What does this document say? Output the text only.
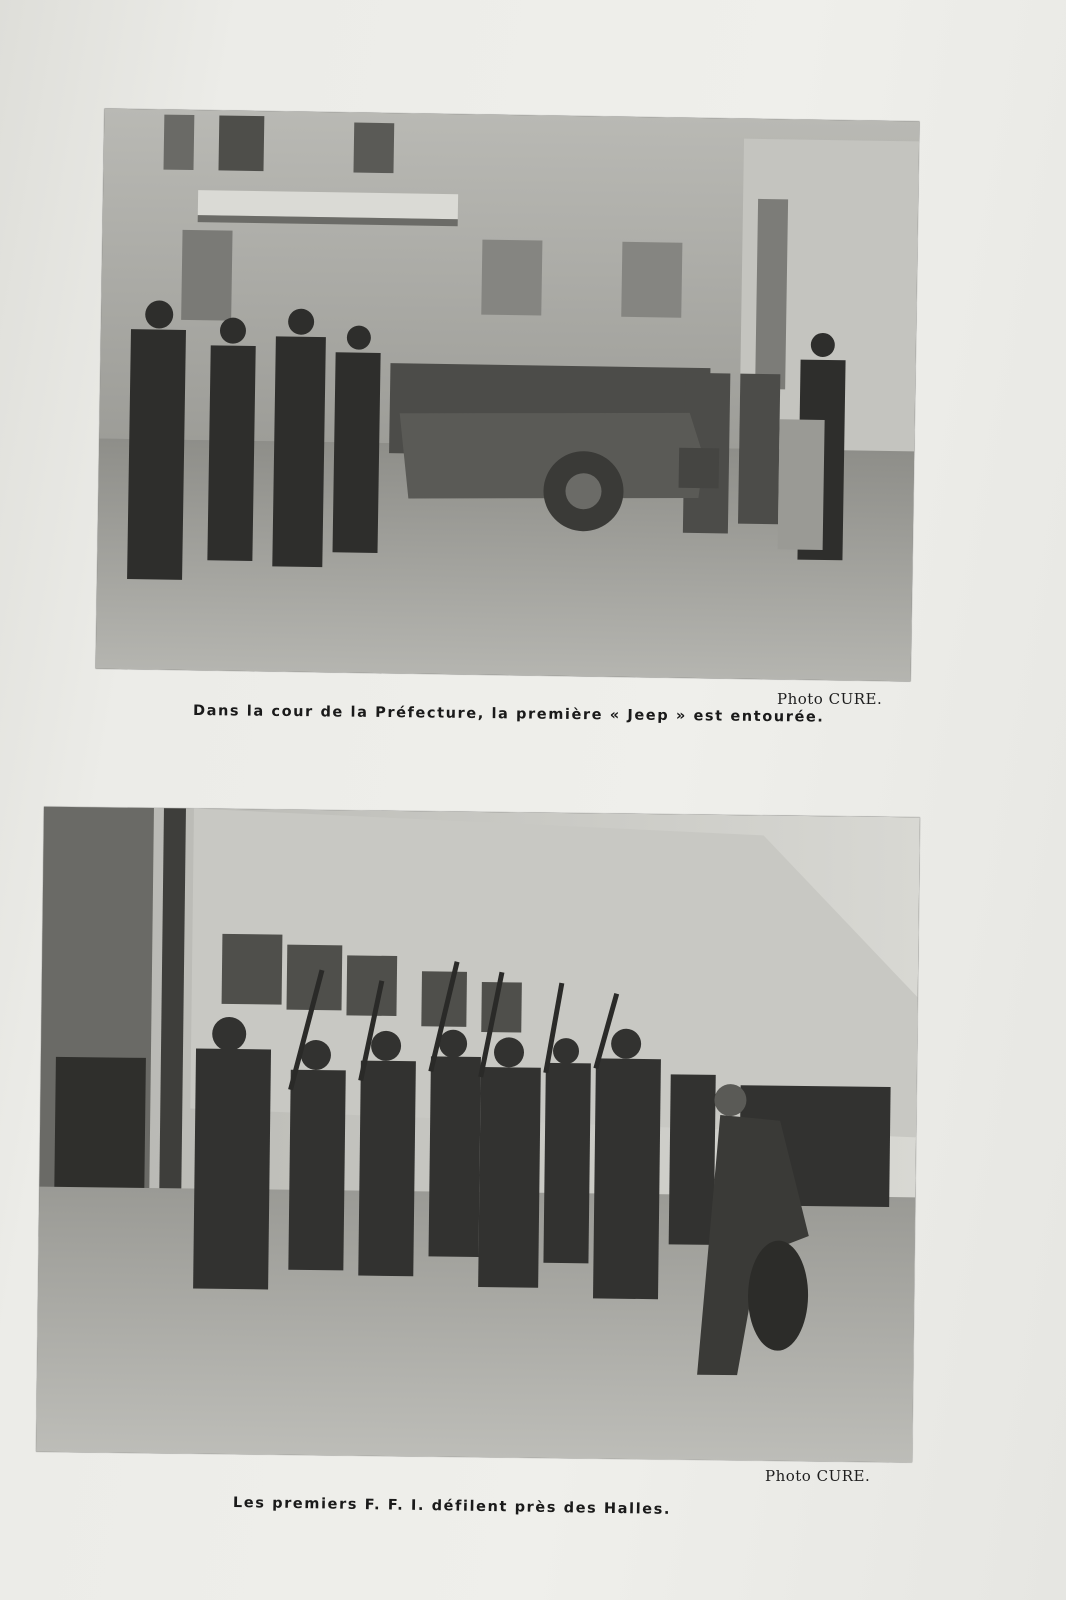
Photo CURE.
Dans la cour de la Préfecture, la première « Jeep » est entourée.
Photo CURE.
Les premiers F. F. I. défilent près des Halles.
